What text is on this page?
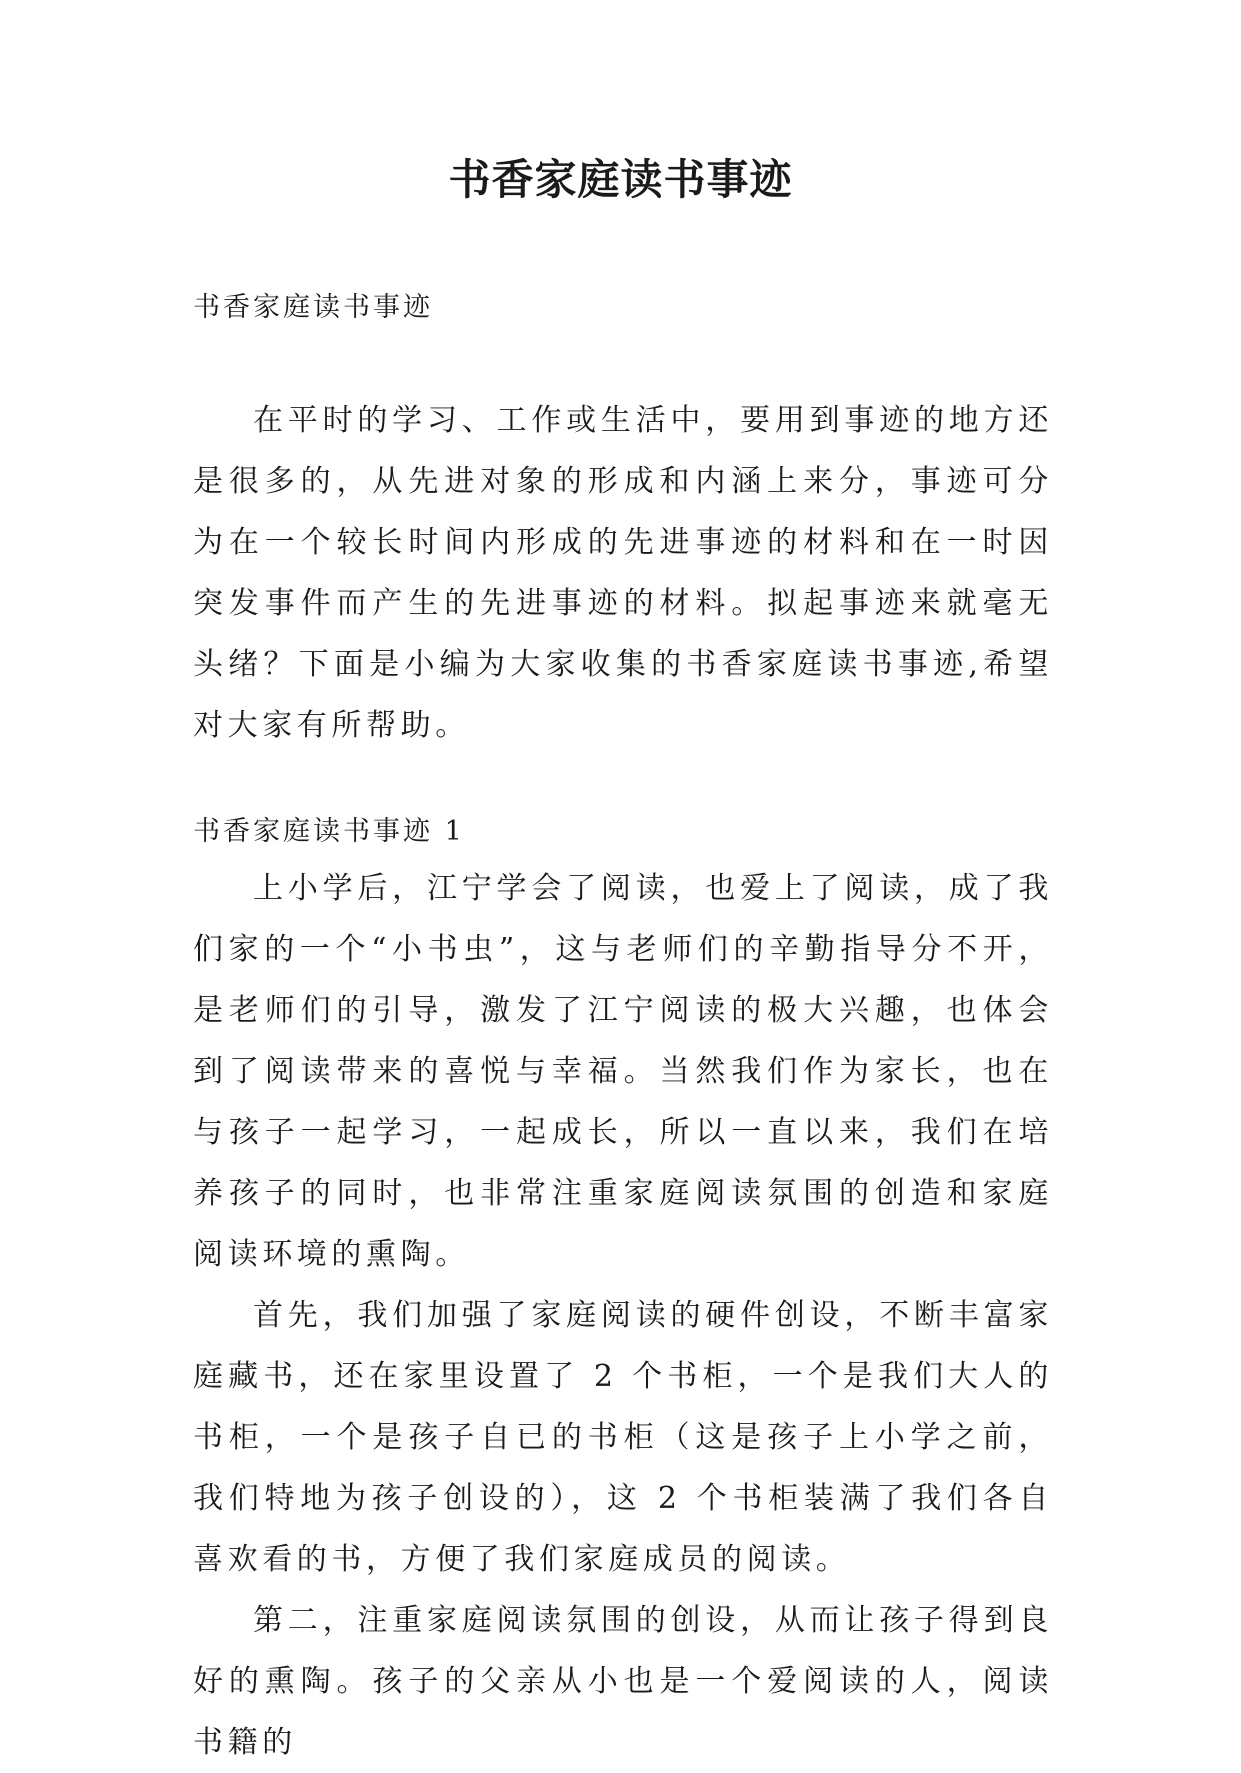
书香家庭读书事迹

书香家庭读书事迹

在平时的学习、工作或生活中，要用到事迹的地方还是很多的，从先进对象的形成和内涵上来分，事迹可分为在一个较长时间内形成的先进事迹的材料和在一时因突发事件而产生的先进事迹的材料。拟起事迹来就毫无头绪？下面是小编为大家收集的书香家庭读书事迹,希望对大家有所帮助。

书香家庭读书事迹 1

上小学后，江宁学会了阅读，也爱上了阅读，成了我们家的一个“小书虫”，这与老师们的辛勤指导分不开，是老师们的引导，激发了江宁阅读的极大兴趣，也体会到了阅读带来的喜悦与幸福。当然我们作为家长，也在与孩子一起学习，一起成长，所以一直以来，我们在培养孩子的同时，也非常注重家庭阅读氛围的创造和家庭阅读环境的熏陶。

首先，我们加强了家庭阅读的硬件创设，不断丰富家庭藏书，还在家里设置了 2 个书柜，一个是我们大人的书柜，一个是孩子自已的书柜（这是孩子上小学之前，我们特地为孩子创设的），这 2 个书柜装满了我们各自喜欢看的书，方便了我们家庭成员的阅读。

第二，注重家庭阅读氛围的创设，从而让孩子得到良好的熏陶。孩子的父亲从小也是一个爱阅读的人，阅读书籍的
